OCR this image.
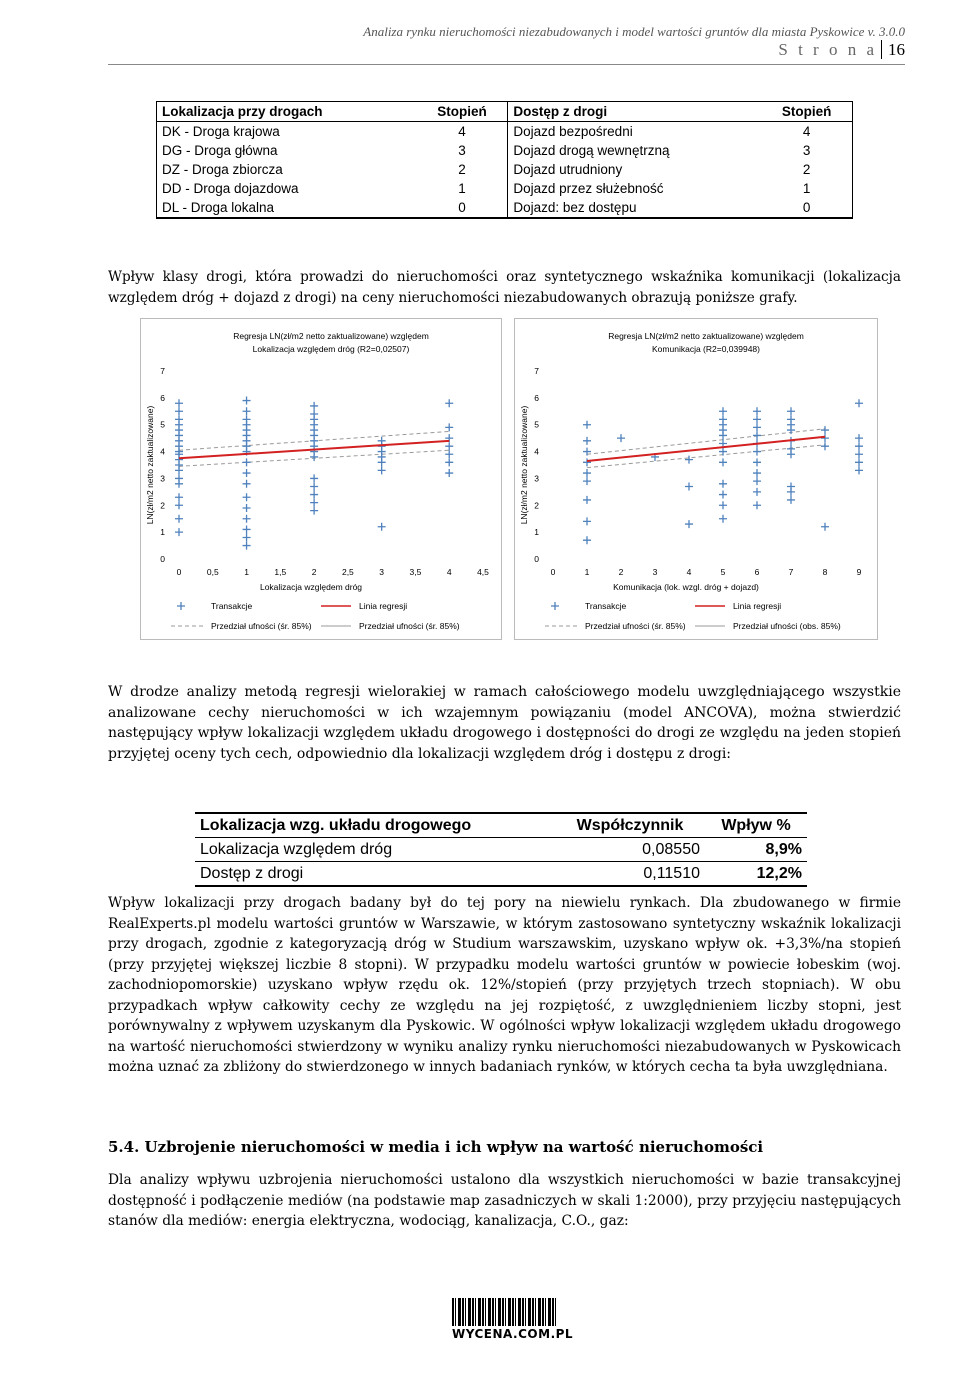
Analiza rynku nieruchomości niezabudowanych i model wartości gruntów dla miasta Pyskowice v. 3.0.0
S t r o n a 16
Lokalizacja przy drogach	Stopień	Dostęp z drogi	Stopień
DK - Droga krajowa	4	Dojazd bezpośredni	4
DG - Droga główna	3	Dojazd drogą wewnętrzną	3
DZ - Droga zbiorcza	2	Dojazd utrudniony	2
DD - Droga dojazdowa	1	Dojazd przez służebność	1
DL - Droga lokalna	0	Dojazd: bez dostępu	0
Wpływ klasy drogi, która prowadzi do nieruchomości oraz syntetycznego wskaźnika komunikacji (lokalizacja względem dróg + dojazd z drogi) na ceny nieruchomości niezabudowanych obrazują poniższe grafy.
Regresja LN(zł/m2 netto zaktualizowane) względem
Lokalizacja względem dróg (R2=0,02507)
0
1
2
3
4
5
6
7
0	0,5	1	1,5	2	2,5	3	3,5	4	4,5
Lokalizacja względem dróg
LN(zł/m2 netto zaktualizowane)
Transakcje	Linia regresji
Przedział ufności (śr. 85%)	Przedział ufności (śr. 85%)
Regresja LN(zł/m2 netto zaktualizowane) względem
Komunikacja (R2=0,039948)
0
1
2
3
4
5
6
7
0	1	2	3	4	5	6	7	8	9
Komunikacja (lok. wzgl. dróg + dojazd)
LN(zł/m2 netto zaktualizowane)
Transakcje	Linia regresji
Przedział ufności (śr. 85%)	Przedział ufności (obs. 85%)
W drodze analizy metodą regresji wielorakiej w ramach całościowego modelu uwzględniającego wszystkie analizowane cechy nieruchomości w ich wzajemnym powiązaniu (model ANCOVA), można stwierdzić następujący wpływ lokalizacji względem układu drogowego i dostępności do drogi ze względu na jeden stopień przyjętej oceny tych cech, odpowiednio dla lokalizacji względem dróg i dostępu z drogi:
Lokalizacja wzg. układu drogowego	Współczynnik	Wpływ %
Lokalizacja względem dróg	0,08550	8,9%
Dostęp z drogi	0,11510	12,2%
Wpływ lokalizacji przy drogach badany był do tej pory na niewielu rynkach. Dla zbudowanego w firmie RealExperts.pl modelu wartości gruntów w Warszawie, w którym zastosowano syntetyczny wskaźnik lokalizacji przy drogach, zgodnie z kategoryzacją dróg w Studium warszawskim, uzyskano wpływ ok. +3,3%/na stopień (przy przyjętej większej liczbie 8 stopni). W przypadku modelu wartości gruntów w powiecie łobeskim (woj. zachodniopomorskie) uzyskano wpływ rzędu ok. 12%/stopień (przy przyjętych trzech stopniach). W obu przypadkach wpływ całkowity cechy ze względu na jej rozpiętość, z uwzględnieniem liczby stopni, jest porównywalny z wpływem uzyskanym dla Pyskowic. W ogólności wpływ lokalizacji względem układu drogowego na wartość nieruchomości stwierdzony w wyniku analizy rynku nieruchomości niezabudowanych w Pyskowicach można uznać za zbliżony do stwierdzonego w innych badaniach rynków, w których cecha ta była uwzględniana.
5.4. Uzbrojenie nieruchomości w media i ich wpływ na wartość nieruchomości
Dla analizy wpływu uzbrojenia nieruchomości ustalono dla wszystkich nieruchomości w bazie transakcyjnej dostępność i podłączenie mediów (na podstawie map zasadniczych w skali 1:2000), przy przyjęciu następujących stanów dla mediów: energia elektryczna, wodociąg, kanalizacja, C.O., gaz:
WYCENA.COM.PL
